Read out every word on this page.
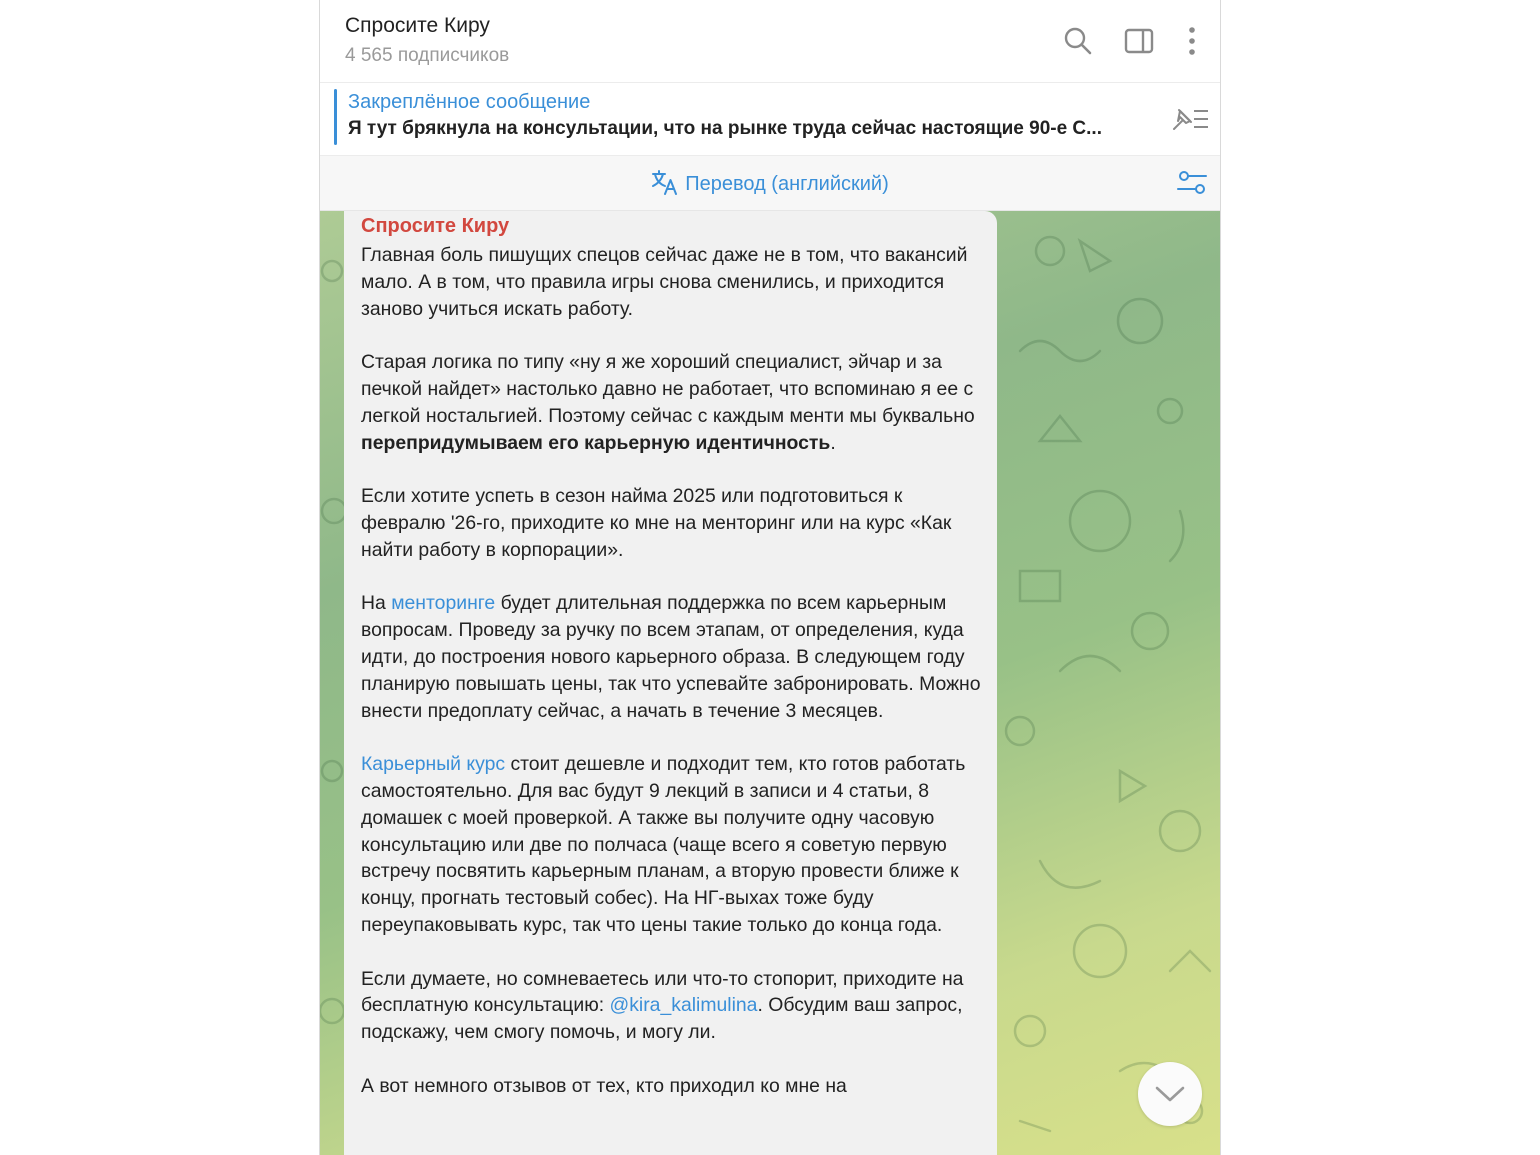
Спросите Киру
4 565 подписчиков
Закреплённое сообщение
Я тут брякнула на консультации, что на рынке труда сейчас настоящие 90-е С...
Перевод (английский)
Спросите Киру

Главная боль пишущих спецов сейчас даже не в том, что вакансий мало. А в том, что правила игры снова сменились, и приходится заново учиться искать работу.

Старая логика по типу «ну я же хороший специалист, эйчар и за печкой найдет» настолько давно не работает, что вспоминаю я ее с легкой ностальгией. Поэтому сейчас с каждым менти мы буквально перепридумываем его карьерную идентичность.

Если хотите успеть в сезон найма 2025 или подготовиться к февралю '26-го, приходите ко мне на менторинг или на курс «Как найти работу в корпорации».

На менторинге будет длительная поддержка по всем карьерным вопросам. Проведу за ручку по всем этапам, от определения, куда идти, до построения нового карьерного образа. В следующем году планирую повышать цены, так что успевайте забронировать. Можно внести предоплату сейчас, а начать в течение 3 месяцев.

Карьерный курс стоит дешевле и подходит тем, кто готов работать самостоятельно. Для вас будут 9 лекций в записи и 4 статьи, 8 домашек с моей проверкой. А также вы получите одну часовую консультацию или две по полчаса (чаще всего я советую первую встречу посвятить карьерным планам, а вторую провести ближе к концу, прогнать тестовый собес). На НГ-выхах тоже буду переупаковывать курс, так что цены такие только до конца года.

Если думаете, но сомневаетесь или что-то стопорит, приходите на бесплатную консультацию: @kira_kalimulina. Обсудим ваш запрос, подскажу, чем смогу помочь, и могу ли.

А вот немного отзывов от тех, кто приходил ко мне на
